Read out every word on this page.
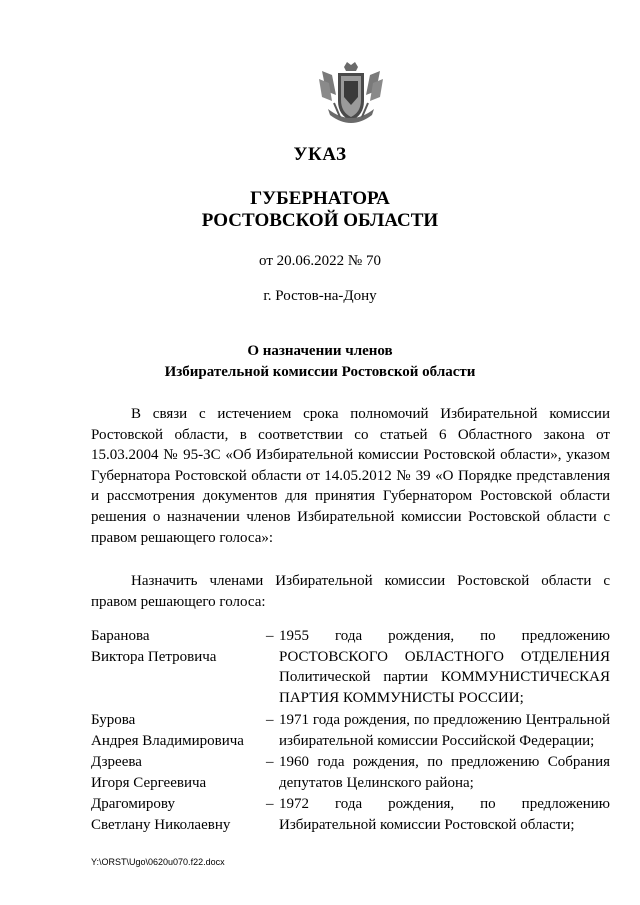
УКАЗ
ГУБЕРНАТОРА
РОСТОВСКОЙ ОБЛАСТИ
от 20.06.2022 № 70
г. Ростов-на-Дону
О назначении членов
Избирательной комиссии Ростовской области
В связи с истечением срока полномочий Избирательной комиссии Ростовской области, в соответствии со статьей 6 Областного закона от 15.03.2004 № 95-ЗС «Об Избирательной комиссии Ростовской области», указом Губернатора Ростовской области от 14.05.2012 № 39 «О Порядке представления и рассмотрения документов для принятия Губернатором Ростовской области решения о назначении членов Избирательной комиссии Ростовской области с правом решающего голоса»:
Назначить членами Избирательной комиссии Ростовской области с правом решающего голоса:
Баранова
Виктора Петровича
– 1955 года рождения, по предложению РОСТОВСКОГО ОБЛАСТНОГО ОТДЕЛЕНИЯ Политической партии КОММУНИСТИЧЕСКАЯ ПАРТИЯ КОММУНИСТЫ РОССИИ;
Бурова
Андрея Владимировича
– 1971 года рождения, по предложению Центральной избирательной комиссии Российской Федерации;
Дзреева
Игоря Сергеевича
– 1960 года рождения, по предложению Собрания депутатов Целинского района;
Драгомирову
Светлану Николаевну
– 1972 года рождения, по предложению Избирательной комиссии Ростовской области;
Y:\ORST\Ugo\0620u070.f22.docx
